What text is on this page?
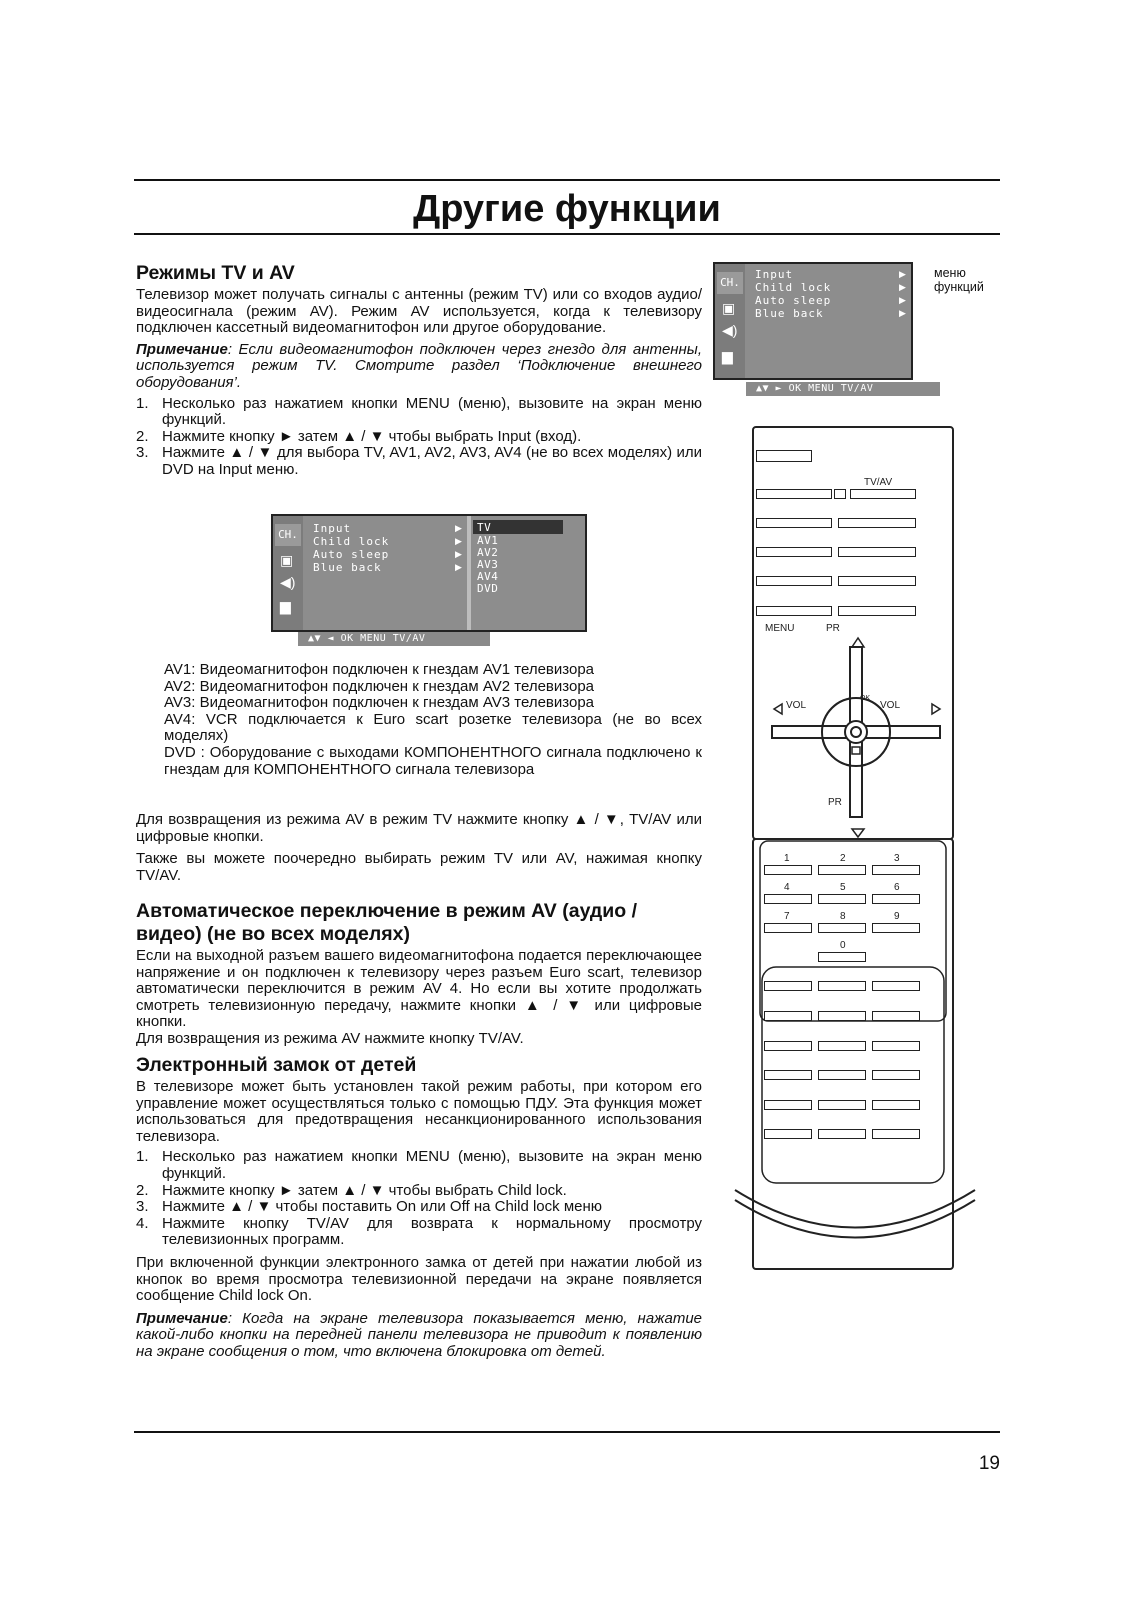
Другие функции
Режимы TV и AV

Телевизор может получать сигналы с антенны (режим TV) или со входов аудио/ видеосигнала (режим AV). Режим AV используется, когда к телевизору подключен кассетный видеомагнитофон или другое оборудование.

Примечание: Если видеомагнитофон подключен через гнездо для антенны, используется режим TV. Смотрите раздел ‘Подключение внешнего оборудования’.

1. Несколько раз нажатием кнопки MENU (меню), вызовите на экран меню функций.
2. Нажмите кнопку ► затем ▲ / ▼ чтобы выбрать Input (вход).
3. Нажмите ▲ / ▼ для выбора TV, AV1, AV2, AV3, AV4 (не во всех моделях) или DVD на Input меню.
CH.
▣
◀)
▆
Input
Child lock
Auto sleep
Blue back
▶
▶
▶
▶
TV
AV1
AV2
AV3
AV4
DVD
▲▼ ◄ OK MENU TV/AV

AV1: Видеомагнитофон подключен к гнездам AV1 телевизора

AV2: Видеомагнитофон подключен к гнездам AV2 телевизора

AV3: Видеомагнитофон подключен к гнездам AV3 телевизора

AV4: VCR подключается к Euro scart розетке телевизора (не во всех моделях)

DVD : Оборудование с выходами КОМПОНЕНТНОГО сигнала подключено к гнездам для КОМПОНЕНТНОГО сигнала телевизора

Для возвращения из режима AV в режим TV нажмите кнопку ▲ / ▼, TV/AV или цифровые кнопки.

Также вы можете поочередно выбирать режим TV или AV, нажимая кнопку TV/AV.

Автоматическое переключение в режим AV (аудио / видео) (не во всех моделях)

Если на выходной разъем вашего видеомагнитофона подается переключающее напряжение и он подключен к телевизору через разъем Euro scart, телевизор автоматически переключится в режим AV 4. Но если вы хотите продолжать смотреть телевизионную передачу, нажмите кнопки ▲ / ▼ или цифровые кнопки.

Для возвращения из режима AV нажмите кнопку TV/AV.

Электронный замок от детей

В телевизоре может быть установлен такой режим работы, при котором его управление может осуществляться только с помощью ПДУ. Эта функция может использоваться для предотвращения несанкционированного использования телевизора.

1. Несколько раз нажатием кнопки MENU (меню), вызовите на экран меню функций.
2. Нажмите кнопку ► затем ▲ / ▼ чтобы выбрать Child lock.
3. Нажмите ▲ / ▼ чтобы поставить On или Off на Child lock меню
4. Нажмите кнопку TV/AV для возврата к нормальному просмотру телевизионных программ.

При включенной функции электронного замка от детей при нажатии любой из кнопок во время просмотра телевизионной передачи на экране появляется сообщение Child lock On.

Примечание: Когда на экране телевизора показывается меню, нажатие какой-либо кнопки на передней панели телевизора не приводит к появлению на экране сообщения о том, что включена блокировка от детей.

CH.
▣
◀)
▆
Input
Child lock
Auto sleep
Blue back
▶
▶
▶
▶
▲▼ ► OK MENU TV/AV
меню
функций
TV/AV
MENU	PR
VOL	VOL
OK
PR
1	2	3
4	5	6
7	8	9
0
19
